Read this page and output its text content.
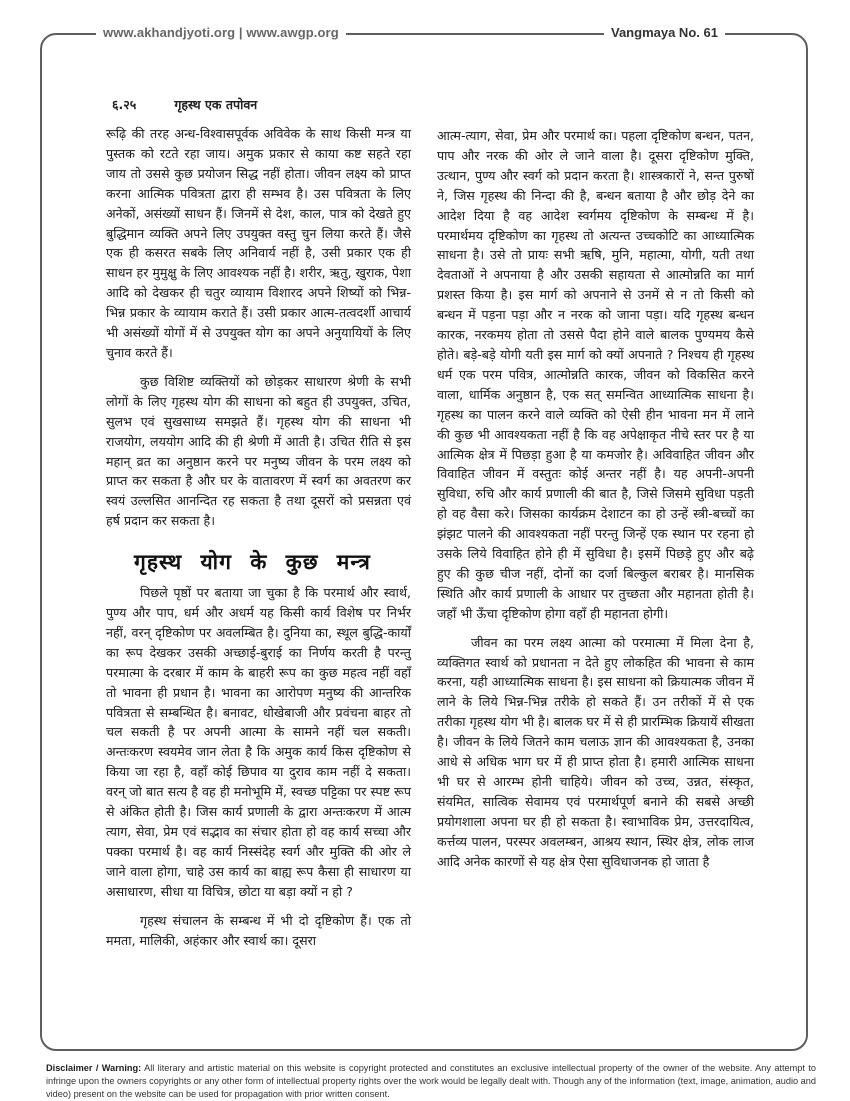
www.akhandjyoti.org | www.awgp.org	Vangmaya No. 61
६.२५	गृहस्थ एक तपोवन

रूढ़ि की तरह अन्ध-विश्वासपूर्वक अविवेक के साथ किसी मन्त्र या पुस्तक को रटते रहा जाय। अमुक प्रकार से काया कष्ट सहते रहा जाय तो उससे कुछ प्रयोजन सिद्ध नहीं होता। जीवन लक्ष्य को प्राप्त करना आत्मिक पवित्रता द्वारा ही सम्भव है। उस पवित्रता के लिए अनेकों, असंख्यों साधन हैं। जिनमें से देश, काल, पात्र को देखते हुए बुद्धिमान व्यक्ति अपने लिए उपयुक्त वस्तु चुन लिया करते हैं। जैसे एक ही कसरत सबके लिए अनिवार्य नहीं है, उसी प्रकार एक ही साधन हर मुमुक्षु के लिए आवश्यक नहीं है। शरीर, ऋतु, खुराक, पेशा आदि को देखकर ही चतुर व्यायाम विशारद अपने शिष्यों को भिन्न-भिन्न प्रकार के व्यायाम कराते हैं। उसी प्रकार आत्म-तत्वदर्शी आचार्य भी असंख्यों योगों में से उपयुक्त योग का अपने अनुयायियों के लिए चुनाव करते हैं।

कुछ विशिष्ट व्यक्तियों को छोड़कर साधारण श्रेणी के सभी लोगों के लिए गृहस्थ योग की साधना को बहुत ही उपयुक्त, उचित, सुलभ एवं सुखसाध्य समझते हैं। गृहस्थ योग की साधना भी राजयोग, लययोग आदि की ही श्रेणी में आती है। उचित रीति से इस महान् व्रत का अनुष्ठान करने पर मनुष्य जीवन के परम लक्ष्य को प्राप्त कर सकता है और घर के वातावरण में स्वर्ग का अवतरण कर स्वयं उल्लसित आनन्दित रह सकता है तथा दूसरों को प्रसन्नता एवं हर्ष प्रदान कर सकता है।

गृहस्थ योग के कुछ मन्त्र

पिछले पृष्ठों पर बताया जा चुका है कि परमार्थ और स्वार्थ, पुण्य और पाप, धर्म और अधर्म यह किसी कार्य विशेष पर निर्भर नहीं, वरन् दृष्टिकोण पर अवलम्बित है। दुनिया का, स्थूल बुद्धि-कार्यों का रूप देखकर उसकी अच्छाई-बुराई का निर्णय करती है परन्तु परमात्मा के दरबार में काम के बाहरी रूप का कुछ महत्व नहीं वहाँ तो भावना ही प्रधान है। भावना का आरोपण मनुष्य की आन्तरिक पवित्रता से सम्बन्धित है। बनावट, धोखेबाजी और प्रवंचना बाहर तो चल सकती है पर अपनी आत्मा के सामने नहीं चल सकती। अन्तःकरण स्वयमेव जान लेता है कि अमुक कार्य किस दृष्टिकोण से किया जा रहा है, वहाँ कोई छिपाव या दुराव काम नहीं दे सकता। वरन् जो बात सत्य है वह ही मनोभूमि में, स्वच्छ पट्टिका पर स्पष्ट रूप से अंकित होती है। जिस कार्य प्रणाली के द्वारा अन्तःकरण में आत्म त्याग, सेवा, प्रेम एवं सद्भाव का संचार होता हो वह कार्य सच्चा और पक्का परमार्थ है। वह कार्य निस्संदेह स्वर्ग और मुक्ति की ओर ले जाने वाला होगा, चाहे उस कार्य का बाह्य रूप कैसा ही साधारण या असाधारण, सीधा या विचित्र, छोटा या बड़ा क्यों न हो ?

गृहस्थ संचालन के सम्बन्ध में भी दो दृष्टिकोण हैं। एक तो ममता, मालिकी, अहंकार और स्वार्थ का। दूसरा

आत्म-त्याग, सेवा, प्रेम और परमार्थ का। पहला दृष्टिकोण बन्धन, पतन, पाप और नरक की ओर ले जाने वाला है। दूसरा दृष्टिकोण मुक्ति, उत्थान, पुण्य और स्वर्ग को प्रदान करता है। शास्त्रकारों ने, सन्त पुरुषों ने, जिस गृहस्थ की निन्दा की है, बन्धन बताया है और छोड़ देने का आदेश दिया है वह आदेश स्वर्गमय दृष्टिकोण के सम्बन्ध में है। परमार्थमय दृष्टिकोण का गृहस्थ तो अत्यन्त उच्चकोटि का आध्यात्मिक साधना है। उसे तो प्रायः सभी ऋषि, मुनि, महात्मा, योगी, यती तथा देवताओं ने अपनाया है और उसकी सहायता से आत्मोन्नति का मार्ग प्रशस्त किया है। इस मार्ग को अपनाने से उनमें से न तो किसी को बन्धन में पड़ना पड़ा और न नरक को जाना पड़ा। यदि गृहस्थ बन्धन कारक, नरकमय होता तो उससे पैदा होने वाले बालक पुण्यमय कैसे होते। बड़े-बड़े योगी यती इस मार्ग को क्यों अपनाते ? निश्चय ही गृहस्थ धर्म एक परम पवित्र, आत्मोन्नति कारक, जीवन को विकसित करने वाला, धार्मिक अनुष्ठान है, एक सत् समन्वित आध्यात्मिक साधना है। गृहस्थ का पालन करने वाले व्यक्ति को ऐसी हीन भावना मन में लाने की कुछ भी आवश्यकता नहीं है कि वह अपेक्षाकृत नीचे स्तर पर है या आत्मिक क्षेत्र में पिछड़ा हुआ है या कमजोर है। अविवाहित जीवन और विवाहित जीवन में वस्तुतः कोई अन्तर नहीं है। यह अपनी-अपनी सुविधा, रुचि और कार्य प्रणाली की बात है, जिसे जिसमे सुविधा पड़ती हो वह वैसा करे। जिसका कार्यक्रम देशाटन का हो उन्हें स्त्री-बच्चों का झंझट पालने की आवश्यकता नहीं परन्तु जिन्हें एक स्थान पर रहना हो उसके लिये विवाहित होने ही में सुविधा है। इसमें पिछड़े हुए और बढ़े हुए की कुछ चीज नहीं, दोनों का दर्जा बिल्कुल बराबर है। मानसिक स्थिति और कार्य प्रणाली के आधार पर तुच्छता और महानता होती है। जहाँ भी ऊँचा दृष्टिकोण होगा वहाँ ही महानता होगी।

जीवन का परम लक्ष्य आत्मा को परमात्मा में मिला देना है, व्यक्तिगत स्वार्थ को प्रधानता न देते हुए लोकहित की भावना से काम करना, यही आध्यात्मिक साधना है। इस साधना को क्रियात्मक जीवन में लाने के लिये भिन्न-भिन्न तरीके हो सकते हैं। उन तरीकों में से एक तरीका गृहस्थ योग भी है। बालक घर में से ही प्रारम्भिक क्रियायें सीखता है। जीवन के लिये जितने काम चलाऊ ज्ञान की आवश्यकता है, उनका आधे से अधिक भाग घर में ही प्राप्त होता है। हमारी आत्मिक साधना भी घर से आरम्भ होनी चाहिये। जीवन को उच्च, उन्नत, संस्कृत, संयमित, सात्विक सेवामय एवं परमार्थपूर्ण बनाने की सबसे अच्छी प्रयोगशाला अपना घर ही हो सकता है। स्वाभाविक प्रेम, उत्तरदायित्व, कर्त्तव्य पालन, परस्पर अवलम्बन, आश्रय स्थान, स्थिर क्षेत्र, लोक लाज आदि अनेक कारणों से यह क्षेत्र ऐसा सुविधाजनक हो जाता है

Disclaimer / Warning: All literary and artistic material on this website is copyright protected and constitutes an exclusive intellectual property of the owner of the website. Any attempt to infringe upon the owners copyrights or any other form of intellectual property rights over the work would be legally dealt with. Though any of the information (text, image, animation, audio and video) present on the website can be used for propagation with prior written consent.
